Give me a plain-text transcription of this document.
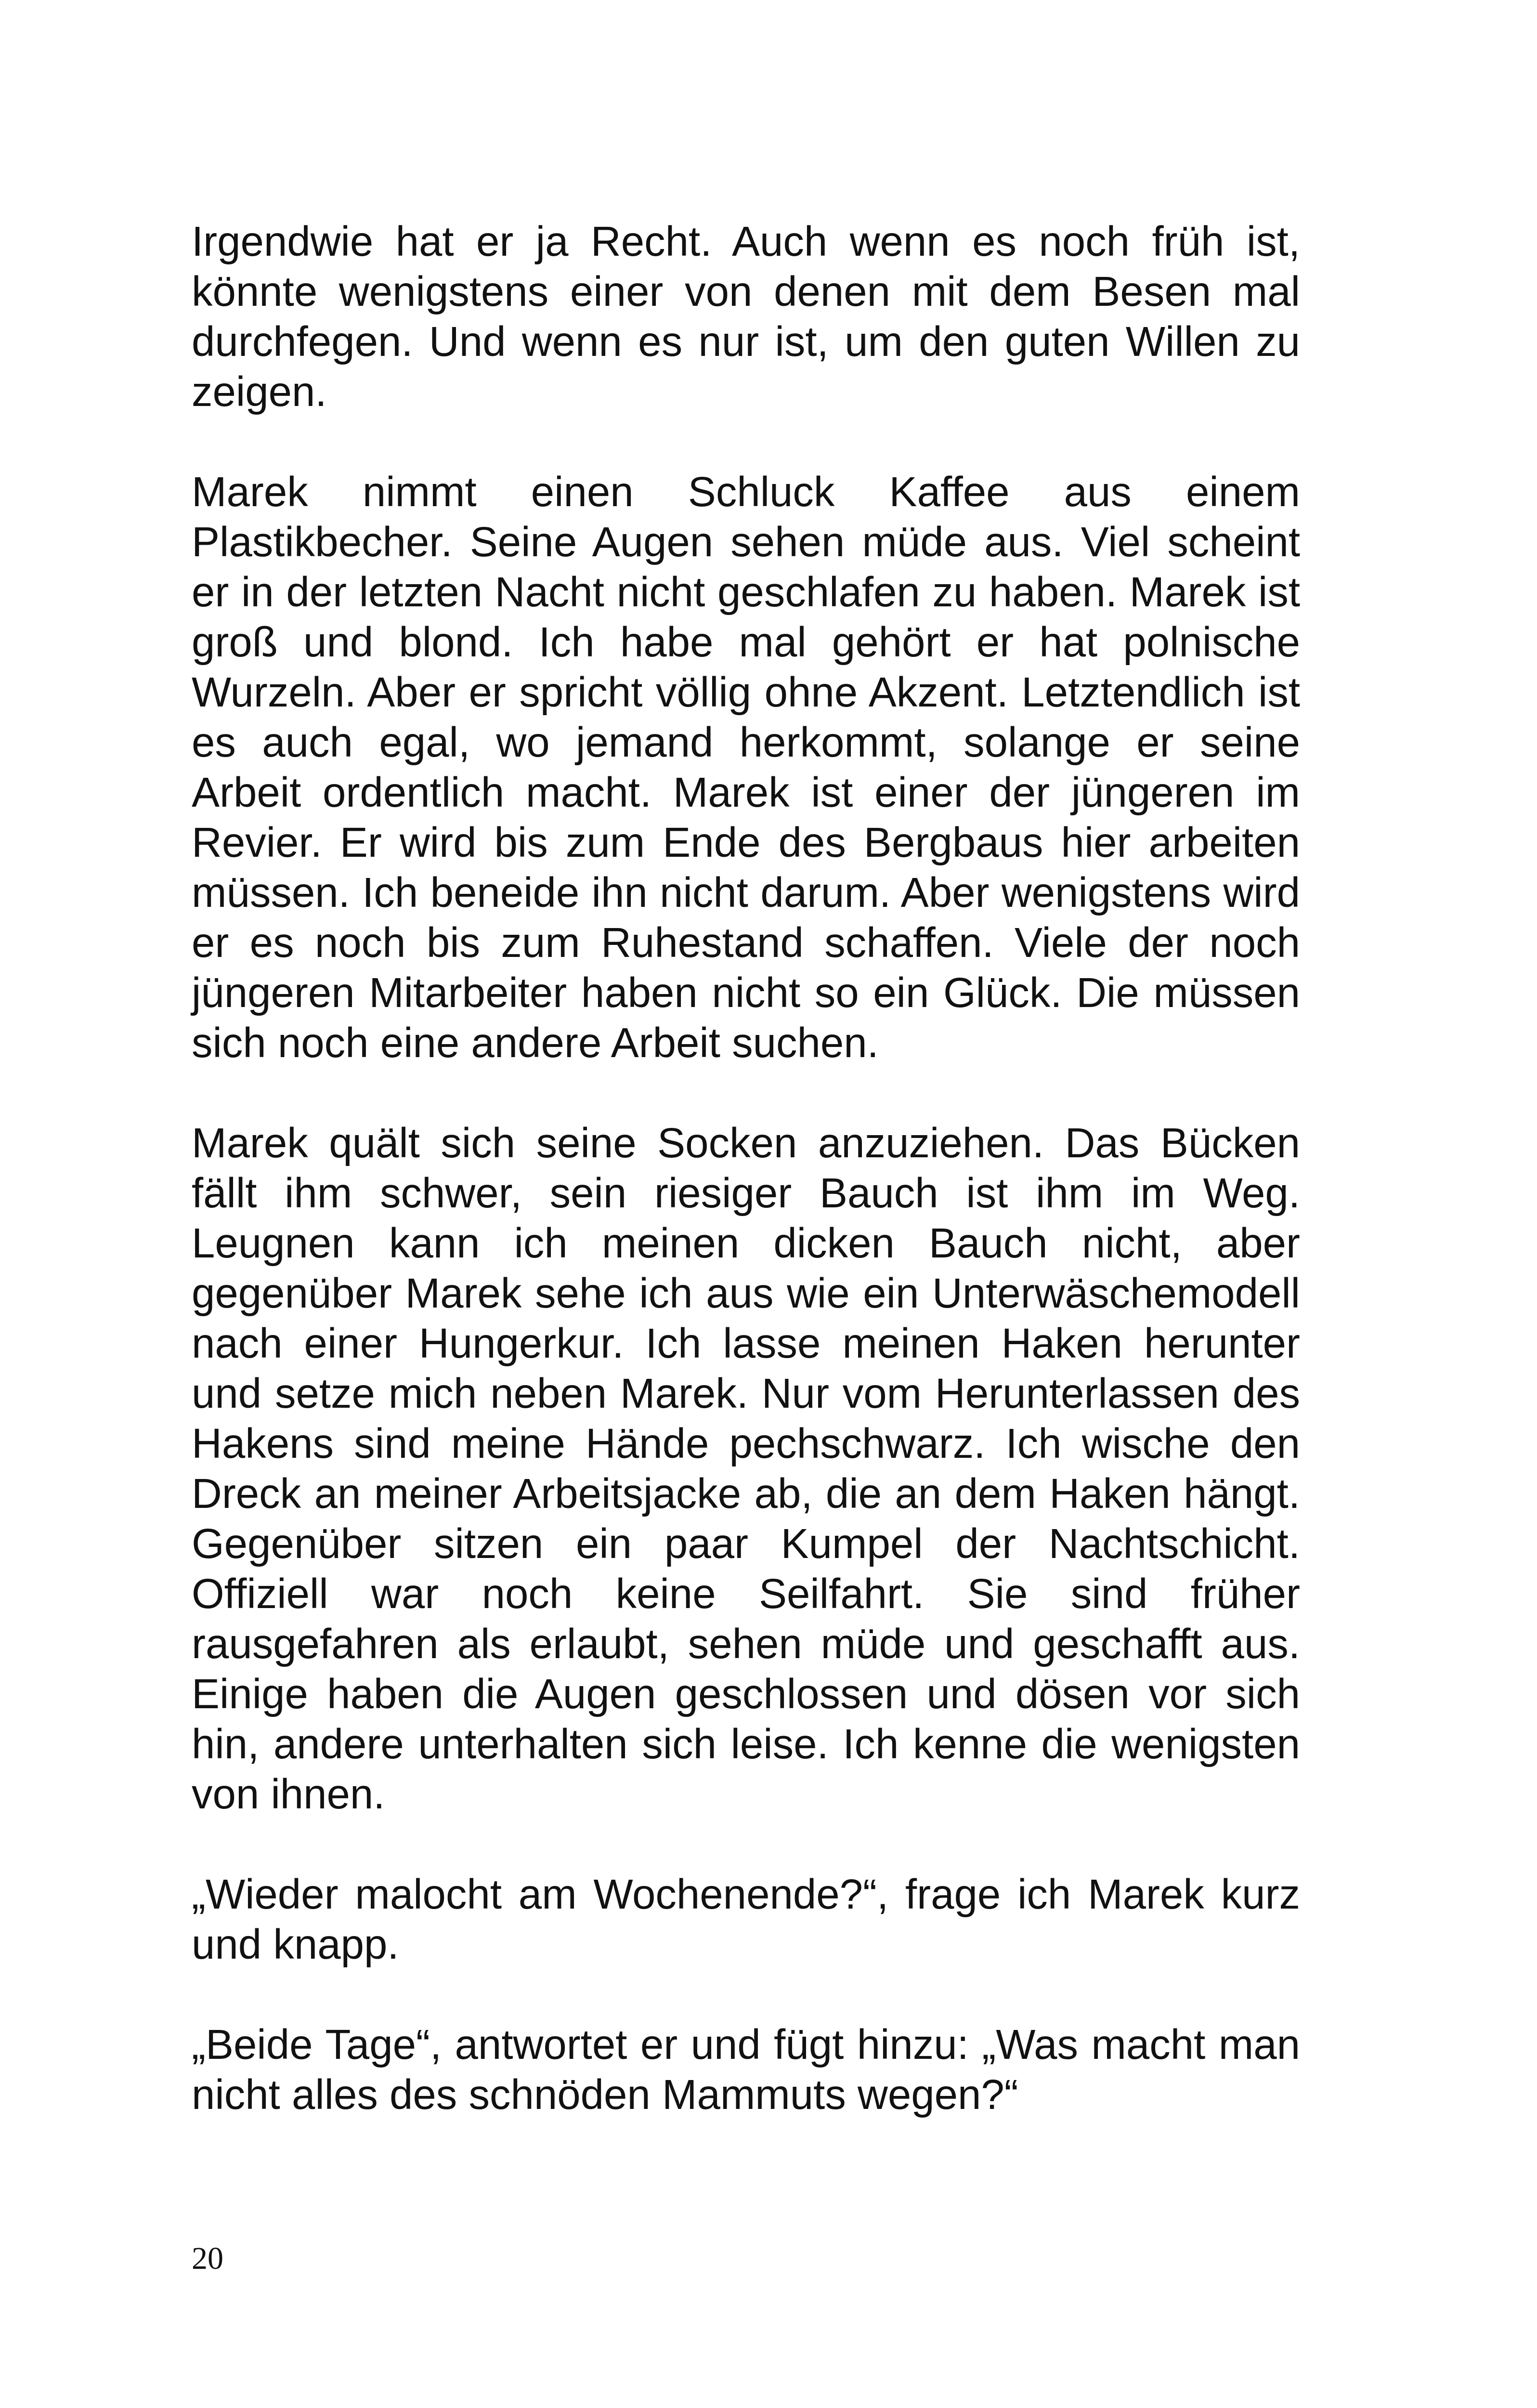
Irgendwie hat er ja Recht. Auch wenn es noch früh ist, könnte wenigstens einer von denen mit dem Besen mal durchfegen. Und wenn es nur ist, um den guten Willen zu zeigen.

Marek nimmt einen Schluck Kaffee aus einem Plastikbecher. Seine Augen sehen müde aus. Viel scheint er in der letzten Nacht nicht geschlafen zu haben. Marek ist groß und blond. Ich habe mal gehört er hat polnische Wurzeln. Aber er spricht völlig ohne Akzent. Letztendlich ist es auch egal, wo jemand herkommt, solange er seine Arbeit ordentlich macht. Marek ist einer der jüngeren im Revier. Er wird bis zum Ende des Bergbaus hier arbeiten müssen. Ich beneide ihn nicht darum. Aber wenigstens wird er es noch bis zum Ruhestand schaffen. Viele der noch jüngeren Mitarbeiter haben nicht so ein Glück. Die müssen sich noch eine andere Arbeit suchen.

Marek quält sich seine Socken anzuziehen. Das Bücken fällt ihm schwer, sein riesiger Bauch ist ihm im Weg. Leugnen kann ich meinen dicken Bauch nicht, aber gegenüber Marek sehe ich aus wie ein Unterwäschemodell nach einer Hungerkur. Ich lasse meinen Haken herunter und setze mich neben Marek. Nur vom Herunterlassen des Hakens sind meine Hände pechschwarz. Ich wische den Dreck an meiner Arbeitsjacke ab, die an dem Haken hängt. Gegenüber sitzen ein paar Kumpel der Nachtschicht. Offiziell war noch keine Seilfahrt. Sie sind früher rausgefahren als erlaubt, sehen müde und geschafft aus. Einige haben die Augen geschlossen und dösen vor sich hin, andere unterhalten sich leise. Ich kenne die wenigsten von ihnen.

„Wieder malocht am Wochenende?“, frage ich Marek kurz und knapp.

„Beide Tage“, antwortet er und fügt hinzu: „Was macht man nicht alles des schnöden Mammuts wegen?“

20
